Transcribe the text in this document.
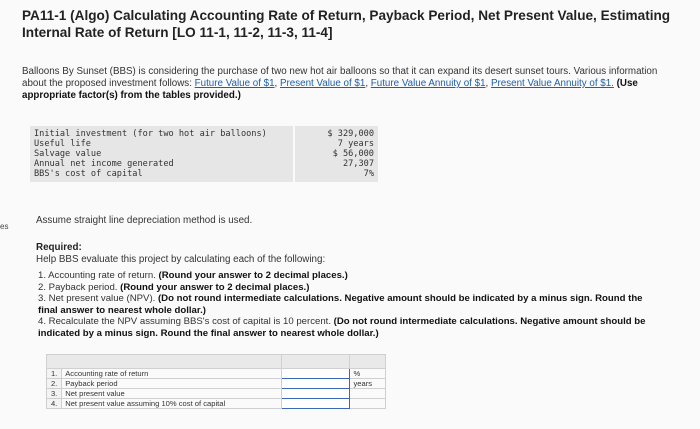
es
PA11-1 (Algo) Calculating Accounting Rate of Return, Payback Period, Net Present Value, Estimating Internal Rate of Return [LO 11-1, 11-2, 11-3, 11-4]
Balloons By Sunset (BBS) is considering the purchase of two new hot air balloons so that it can expand its desert sunset tours. Various information about the proposed investment follows: Future Value of $1, Present Value of $1, Future Value Annuity of $1, Present Value Annuity of $1. (Use appropriate factor(s) from the tables provided.)
Initial investment (for two hot air balloons)	$ 329,000
Useful life	7 years
Salvage value	$ 56,000
Annual net income generated	27,307
BBS's cost of capital	7%
Assume straight line depreciation method is used.
Required:
Help BBS evaluate this project by calculating each of the following:
1. Accounting rate of return. (Round your answer to 2 decimal places.)
2. Payback period. (Round your answer to 2 decimal places.)
3. Net present value (NPV). (Do not round intermediate calculations. Negative amount should be indicated by a minus sign. Round the final answer to nearest whole dollar.)
4. Recalculate the NPV assuming BBS's cost of capital is 10 percent. (Do not round intermediate calculations. Negative amount should be indicated by a minus sign. Round the final answer to nearest whole dollar.)

1.	Accounting rate of return		%
2.	Payback period		years
3.	Net present value		
4.	Net present value assuming 10% cost of capital		
